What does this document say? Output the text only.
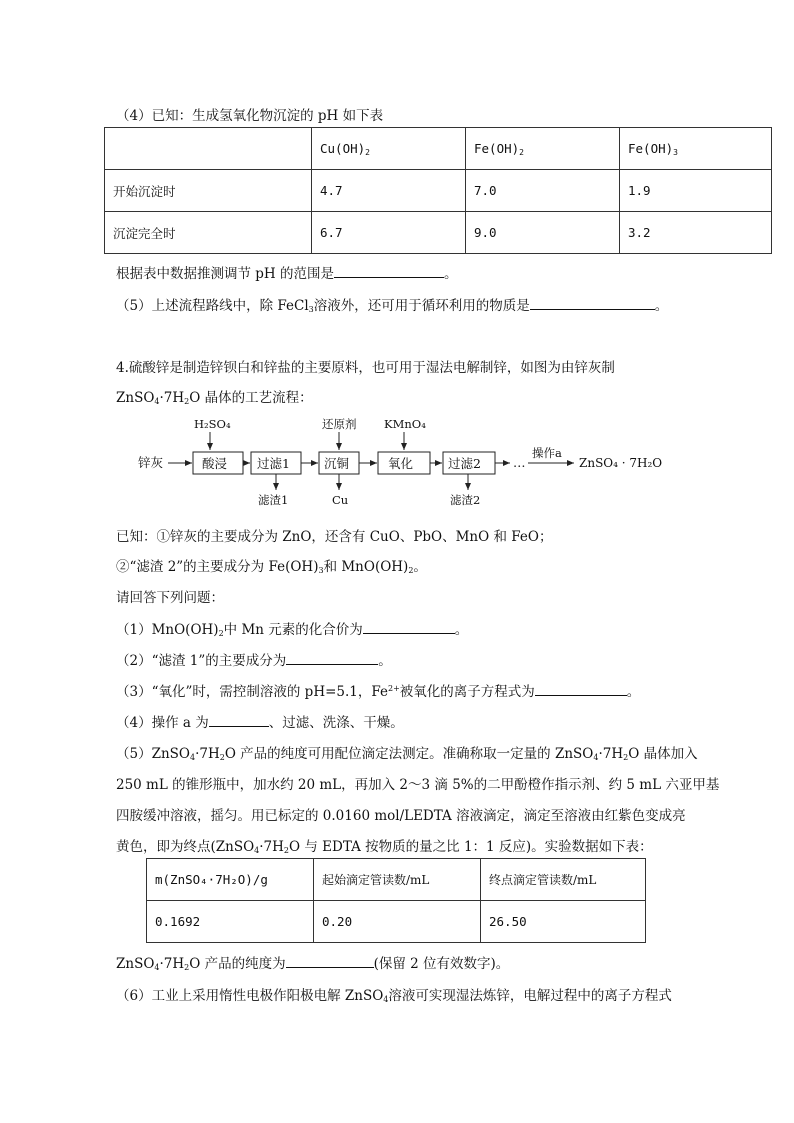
（4）已知：生成氢氧化物沉淀的 pH 如下表
	$Cu(OH)_2$	$Fe(OH)_2$	$Fe(OH)_3$
开始沉淀时	4.7	7.0	1.9
沉淀完全时	6.7	9.0	3.2
根据表中数据推测调节 pH 的范围是	。
（5）上述流程路线中，除 FeCl$_3$溶液外，还可用于循环利用的物质是	。
4.硫酸锌是制造锌钡白和锌盐的主要原料，也可用于湿法电解制锌，如图为由锌灰制
$ZnSO_4\cdot 7H_2O$ 晶体的工艺流程：
锌灰	酸浸 过滤1	沉铜	氧化	过滤2	…
操作a
ZnSO₄ · 7H₂O
H₂SO₄	还原剂 KMnO₄
滤渣1	Cu	滤渣2
已知：①锌灰的主要成分为 ZnO，还含有 CuO、PbO、MnO 和 FeO；
②“滤渣 2”的主要成分为 $Fe(OH)_3$和 $MnO(OH)_2$。
请回答下列问题：
$(1)MnO(OH)_2$中 Mn 元素的化合价为	。
（2）“滤渣 1”的主要成分为	。
（3）“氧化”时，需控制溶液的 pH=5.1，$Fe^{2+}$被氧化的离子方程式为	。
（4）操作 a 为	、过滤、洗涤、干燥。
$(5)ZnSO_4\cdot 7H_2O$ 产品的纯度可用配位滴定法测定。准确称取一定量的 $ZnSO_4\cdot 7H_2O$ 晶体加入
250 mL 的锥形瓶中，加水约 20 mL，再加入 2～3 滴 5%的二甲酚橙作指示剂、约 5 mL 六亚甲基
四胺缓冲溶液，摇匀。用已标定的 0.0160 mol/LEDTA 溶液滴定，滴定至溶液由红紫色变成亮
黄色，即为终点($ZnSO_4\cdot 7H_2O$ 与 EDTA 按物质的量之比 1：1 反应)。实验数据如下表：
m(ZnSO₄·7H₂O)/g	起始滴定管读数/mL	终点滴定管读数/mL
0.1692	0.20	26.50
$ZnSO_4\cdot 7H_2O$ 产品的纯度为	(保留 2 位有效数字)。
（6）工业上采用惰性电极作阳极电解 ZnSO$_4$溶液可实现湿法炼锌，电解过程中的离子方程式
